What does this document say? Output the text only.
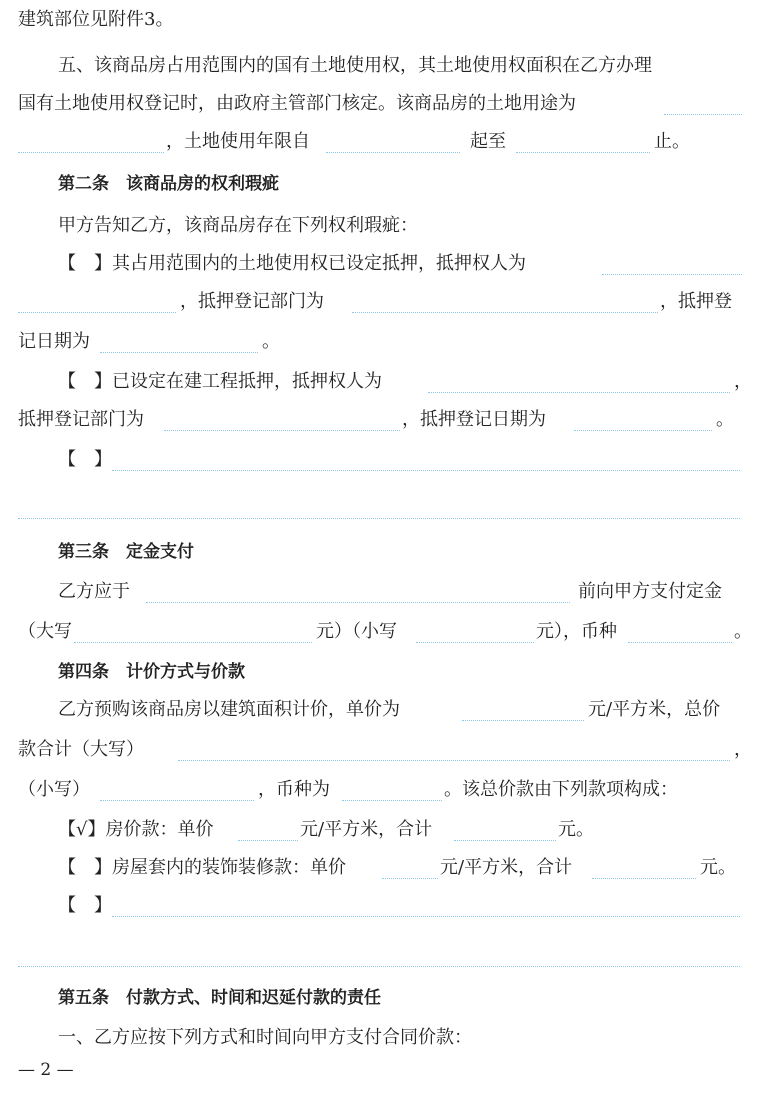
建筑部位见附件3。
五、该商品房占用范围内的国有土地使用权，其土地使用权面积在乙方办理
国有土地使用权登记时，由政府主管部门核定。该商品房的土地用途为
，土地使用年限自	起至	止。
第二条　该商品房的权利瑕疵
甲方告知乙方，该商品房存在下列权利瑕疵：
【　】其占用范围内的土地使用权已设定抵押，抵押权人为
，抵押登记部门为	，抵押登
记日期为	。
【　】已设定在建工程抵押，抵押权人为	，
抵押登记部门为	，抵押登记日期为	。
【　】
第三条　定金支付
乙方应于	前向甲方支付定金
（大写	元）（小写	元），币种	。
第四条　计价方式与价款
乙方预购该商品房以建筑面积计价，单价为	元/平方米，总价
款合计（大写）	，
（小写）	，币种为	。该总价款由下列款项构成：
【√】房价款：单价	元/平方米，合计	元。
【　】房屋套内的装饰装修款：单价	元/平方米，合计	元。
【　】
第五条　付款方式、时间和迟延付款的责任
一、乙方应按下列方式和时间向甲方支付合同价款：
— 2 —
